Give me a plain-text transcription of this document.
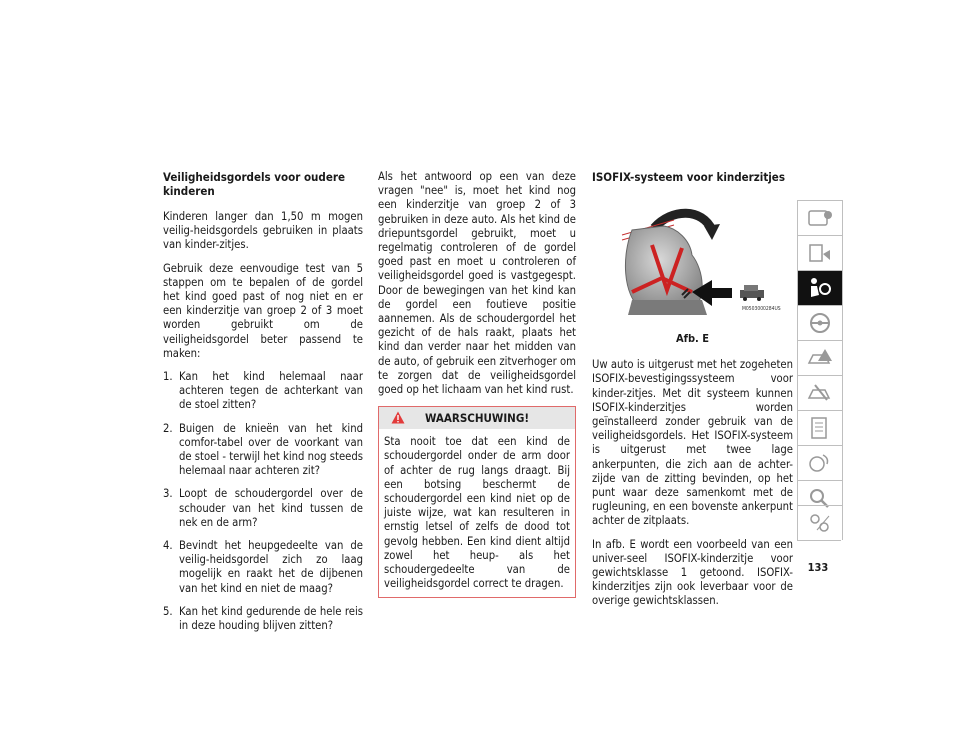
Veiligheidsgordels voor oudere kinderen

Kinderen langer dan 1,50 m mogen veilig-heidsgordels gebruiken in plaats van kinder-zitjes.

Gebruik deze eenvoudige test van 5 stappen om te bepalen of de gordel het kind goed past of nog niet en er een kinderzitje van groep 2 of 3 moet worden gebruikt om de veiligheidsgordel beter passend te maken:

1. Kan het kind helemaal naar achteren tegen de achterkant van de stoel zitten?
2. Buigen de knieën van het kind comfor-tabel over de voorkant van de stoel - terwijl het kind nog steeds helemaal naar achteren zit?
3. Loopt de schoudergordel over de schouder van het kind tussen de nek en de arm?
4. Bevindt het heupgedeelte van de veilig-heidsgordel zich zo laag mogelijk en raakt het de dijbenen van het kind en niet de maag?
5. Kan het kind gedurende de hele reis in deze houding blijven zitten?

Als het antwoord op een van deze vragen "nee" is, moet het kind nog een kinderzitje van groep 2 of 3 gebruiken in deze auto. Als het kind de driepuntsgordel gebruikt, moet u regelmatig controleren of de gordel goed past en moet u controleren of veiligheidsgordel goed is vastgegespt. Door de bewegingen van het kind kan de gordel een foutieve positie aannemen. Als de schoudergordel het gezicht of de hals raakt, plaats het kind dan verder naar het midden van de auto, of gebruik een zitverhoger om te zorgen dat de veiligheidsgordel goed op het lichaam van het kind rust.

WAARSCHUWING!
Sta nooit toe dat een kind de schoudergordel onder de arm door of achter de rug langs draagt. Bij een botsing beschermt de schoudergordel een kind niet op de juiste wijze, wat kan resulteren in ernstig letsel of zelfs de dood tot gevolg hebben. Een kind dient altijd zowel het heup- als het schoudergedeelte van de veiligheidsgordel correct te dragen.
ISOFIX-systeem voor kinderzitjes
M0503000284US
Afb. E

Uw auto is uitgerust met het zogeheten ISOFIX-bevestigingssysteem voor kinder-zitjes. Met dit systeem kunnen ISOFIX-kinderzitjes worden geïnstalleerd zonder gebruik van de veiligheidsgordels. Het ISOFIX-systeem is uitgerust met twee lage ankerpunten, die zich aan de achter-zijde van de zitting bevinden, op het punt waar deze samenkomt met de rugleuning, en een bovenste ankerpunt achter de zitplaats.

In afb. E wordt een voorbeeld van een univer-seel ISOFIX-kinderzitje voor gewichtsklasse 1 getoond. ISOFIX-kinderzitjes zijn ook leverbaar voor de overige gewichtsklassen.

133
